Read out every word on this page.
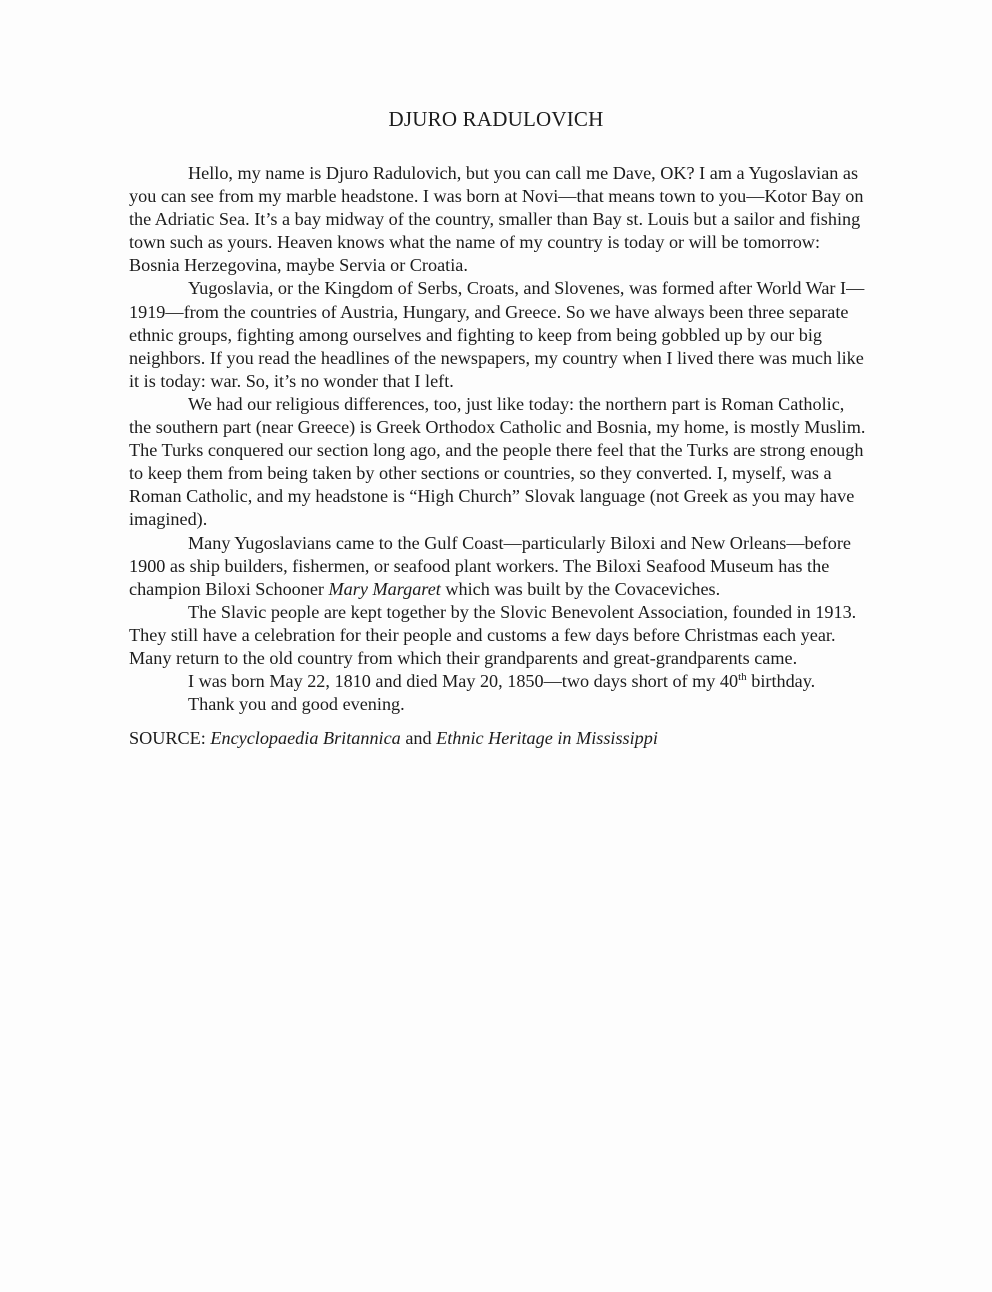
DJURO RADULOVICH

Hello, my name is Djuro Radulovich, but you can call me Dave, OK? I am a Yugoslavian as you can see from my marble headstone. I was born at Novi—that means town to you—Kotor Bay on the Adriatic Sea. It’s a bay midway of the country, smaller than Bay st. Louis but a sailor and fishing town such as yours. Heaven knows what the name of my country is today or will be tomorrow: Bosnia Herzegovina, maybe Servia or Croatia.

Yugoslavia, or the Kingdom of Serbs, Croats, and Slovenes, was formed after World War I—1919—from the countries of Austria, Hungary, and Greece. So we have always been three separate ethnic groups, fighting among ourselves and fighting to keep from being gobbled up by our big neighbors. If you read the headlines of the newspapers, my country when I lived there was much like it is today: war. So, it’s no wonder that I left.

We had our religious differences, too, just like today: the northern part is Roman Catholic, the southern part (near Greece) is Greek Orthodox Catholic and Bosnia, my home, is mostly Muslim. The Turks conquered our section long ago, and the people there feel that the Turks are strong enough to keep them from being taken by other sections or countries, so they converted. I, myself, was a Roman Catholic, and my headstone is “High Church” Slovak language (not Greek as you may have imagined).

Many Yugoslavians came to the Gulf Coast—particularly Biloxi and New Orleans—before 1900 as ship builders, fishermen, or seafood plant workers. The Biloxi Seafood Museum has the champion Biloxi Schooner Mary Margaret which was built by the Covaceviches.

The Slavic people are kept together by the Slovic Benevolent Association, founded in 1913. They still have a celebration for their people and customs a few days before Christmas each year. Many return to the old country from which their grandparents and great-grandparents came.

I was born May 22, 1810 and died May 20, 1850—two days short of my 40th birthday.

Thank you and good evening.

SOURCE: Encyclopaedia Britannica and Ethnic Heritage in Mississippi
